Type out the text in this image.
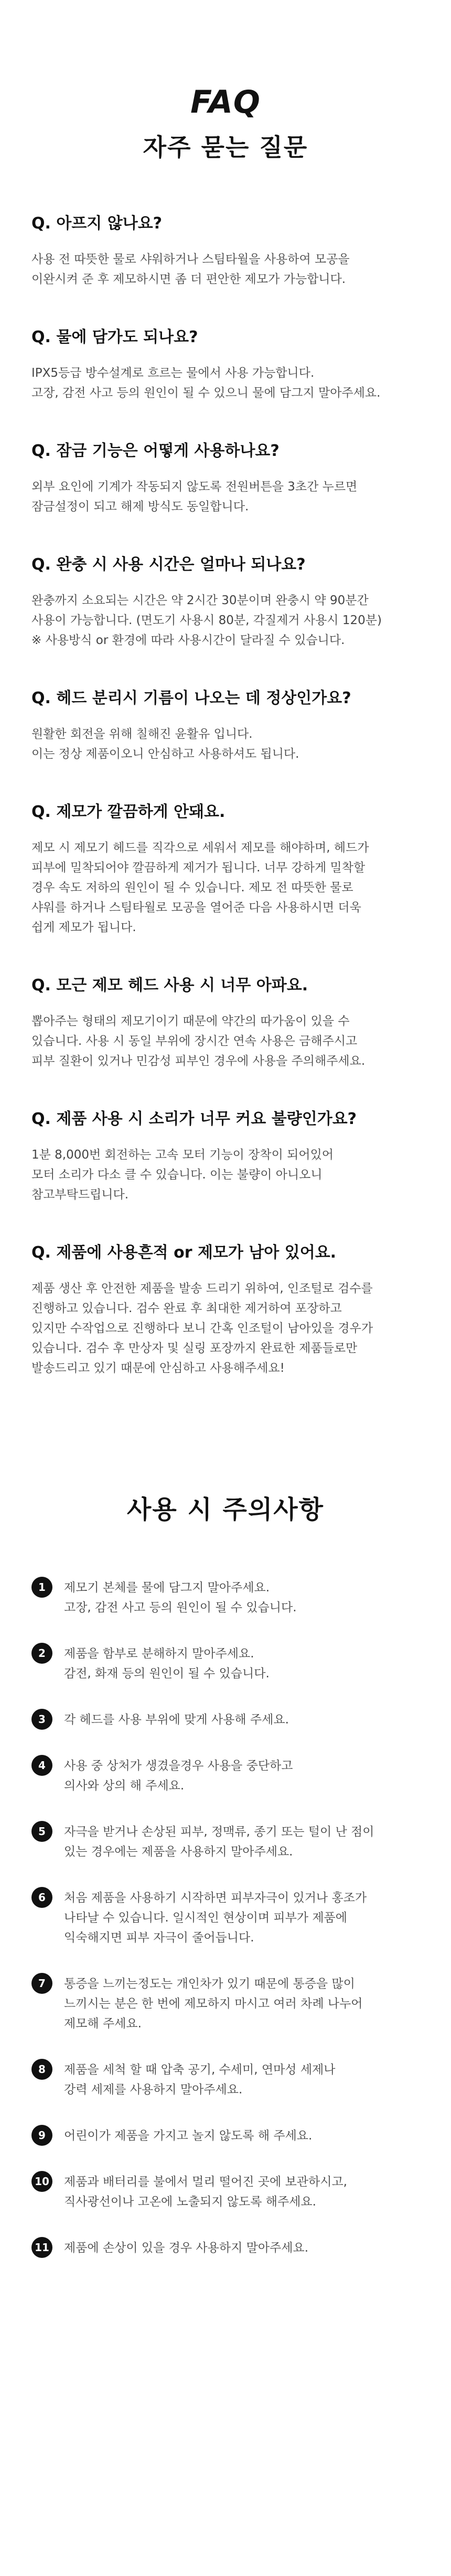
FAQ
자주 묻는 질문
Q. 아프지 않나요?
사용 전 따뜻한 물로 샤워하거나 스팀타월을 사용하여 모공을
이완시켜 준 후 제모하시면 좀 더 편안한 제모가 가능합니다.
Q. 물에 담가도 되나요?
IPX5등급 방수설계로 흐르는 물에서 사용 가능합니다.
고장, 감전 사고 등의 원인이 될 수 있으니 물에 담그지 말아주세요.
Q. 잠금 기능은 어떻게 사용하나요?
외부 요인에 기계가 작동되지 않도록 전원버튼을 3초간 누르면
잠금설정이 되고 해제 방식도 동일합니다.
Q. 완충 시 사용 시간은 얼마나 되나요?
완충까지 소요되는 시간은 약 2시간 30분이며 완충시 약 90분간
사용이 가능합니다. (면도기 사용시 80분, 각질제거 사용시 120분)
※ 사용방식 or 환경에 따라 사용시간이 달라질 수 있습니다.
Q. 헤드 분리시 기름이 나오는 데 정상인가요?
원활한 회전을 위해 칠해진 윤활유 입니다.
이는 정상 제품이오니 안심하고 사용하셔도 됩니다.
Q. 제모가 깔끔하게 안돼요.
제모 시 제모기 헤드를 직각으로 세워서 제모를 해야하며, 헤드가
피부에 밀착되어야 깔끔하게 제거가 됩니다. 너무 강하게 밀착할
경우 속도 저하의 원인이 될 수 있습니다. 제모 전 따뜻한 물로
샤워를 하거나 스팀타월로 모공을 열어준 다음 사용하시면 더욱
쉽게 제모가 됩니다.
Q. 모근 제모 헤드 사용 시 너무 아파요.
뽑아주는 형태의 제모기이기 때문에 약간의 따가움이 있을 수
있습니다. 사용 시 동일 부위에 장시간 연속 사용은 금해주시고
피부 질환이 있거나 민감성 피부인 경우에 사용을 주의해주세요.
Q. 제품 사용 시 소리가 너무 커요 불량인가요?
1분 8,000번 회전하는 고속 모터 기능이 장착이 되어있어
모터 소리가 다소 클 수 있습니다. 이는 불량이 아니오니
참고부탁드립니다.
Q. 제품에 사용흔적 or 제모가 남아 있어요.
제품 생산 후 안전한 제품을 발송 드리기 위하여, 인조털로 검수를
진행하고 있습니다. 검수 완료 후 최대한 제거하여 포장하고
있지만 수작업으로 진행하다 보니 간혹 인조털이 남아있을 경우가
있습니다. 검수 후 만상자 및 실링 포장까지 완료한 제품들로만
발송드리고 있기 때문에 안심하고 사용해주세요!
사용 시 주의사항
1	제모기 본체를 물에 담그지 말아주세요.
고장, 감전 사고 등의 원인이 될 수 있습니다.
2	제품을 함부로 분해하지 말아주세요.
감전, 화재 등의 원인이 될 수 있습니다.
3	각 헤드를 사용 부위에 맞게 사용해 주세요.
4	사용 중 상처가 생겼을경우 사용을 중단하고
의사와 상의 해 주세요.
5	자극을 받거나 손상된 피부, 정맥류, 종기 또는 털이 난 점이
있는 경우에는 제품을 사용하지 말아주세요.
6	처음 제품을 사용하기 시작하면 피부자극이 있거나 홍조가
나타날 수 있습니다. 일시적인 현상이며 피부가 제품에
익숙해지면 피부 자극이 줄어듭니다.
7	통증을 느끼는정도는 개인차가 있기 때문에 통증을 많이
느끼시는 분은 한 번에 제모하지 마시고 여러 차례 나누어
제모해 주세요.
8	제품을 세척 할 때 압축 공기, 수세미, 연마성 세제나
강력 세제를 사용하지 말아주세요.
9	어린이가 제품을 가지고 놀지 않도록 해 주세요.
10 제품과 배터리를 불에서 멀리 떨어진 곳에 보관하시고,
직사광선이나 고온에 노출되지 않도록 해주세요.
11 제품에 손상이 있을 경우 사용하지 말아주세요.
